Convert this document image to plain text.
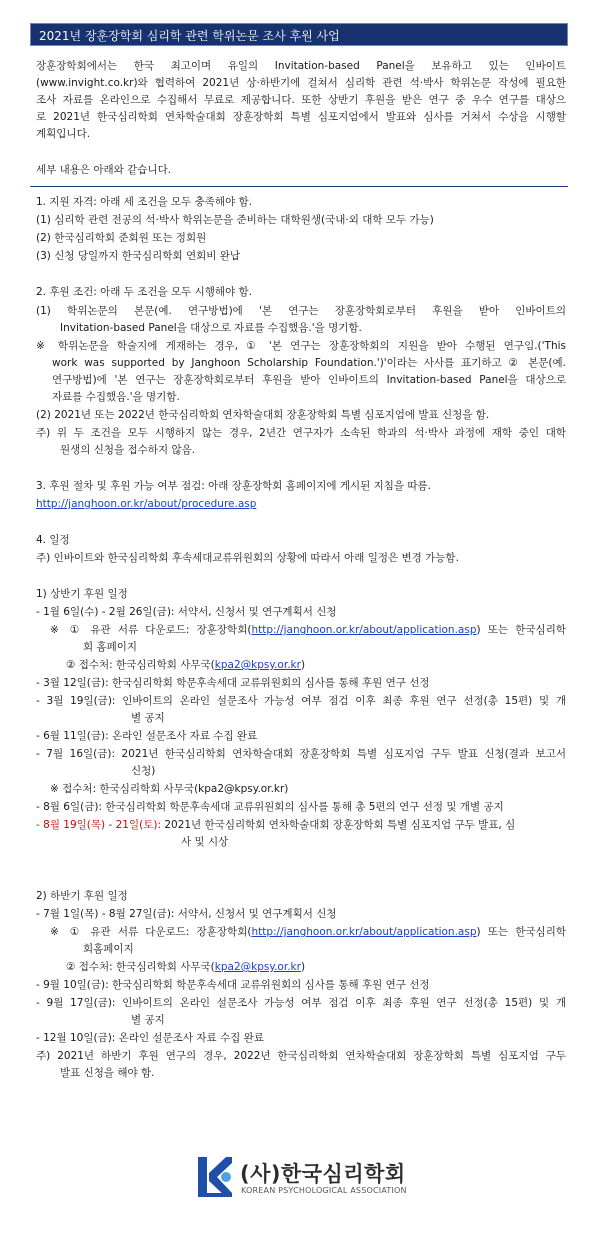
2021년 장훈장학회 심리학 관련 학위논문 조사 후원 사업
장훈장학회에서는 한국 최고이며 유일의 Invitation-based Panel을 보유하고 있는 인바이트
(www.invight.co.kr)와 협력하여 2021년 상·하반기에 걸쳐서 심리학 관련 석·박사 학위논문 작성에 필요한
조사 자료를 온라인으로 수집해서 무료로 제공합니다. 또한 상반기 후원을 받은 연구 중 우수 연구를 대상으
로 2021년 한국심리학회 연차학술대회 장훈장학회 특별 심포지엄에서 발표와 심사를 거쳐서 수상을 시행할
계획입니다.
세부 내용은 아래와 같습니다.
1. 지원 자격: 아래 세 조건을 모두 충족해야 함.
(1) 심리학 관련 전공의 석·박사 학위논문을 준비하는 대학원생(국내·외 대학 모두 가능)
(2) 한국심리학회 준회원 또는 정회원
(3) 신청 당일까지 한국심리학회 연회비 완납
2. 후원 조건: 아래 두 조건을 모두 시행해야 함.
(1) 학위논문의 본문(예. 연구방법)에 '본 연구는 장훈장학회로부터 후원을 받아 인바이트의
Invitation-based Panel을 대상으로 자료를 수집했음.'을 명기함.
※ 학위논문을 학술지에 게재하는 경우, ① '본 연구는 장훈장학회의 지원을 받아 수행된 연구임.('This
work was supported by Janghoon Scholarship Foundation.')'이라는 사사를 표기하고 ② 본문(예.
연구방법)에 '본 연구는 장훈장학회로부터 후원을 받아 인바이트의 Invitation-based Panel을 대상으로
자료를 수집했음.'을 명기함.
(2) 2021년 또는 2022년 한국심리학회 연차학술대회 장훈장학회 특별 심포지엄에 발표 신청을 함.
주) 위 두 조건을 모두 시행하지 않는 경우, 2년간 연구자가 소속된 학과의 석·박사 과정에 재학 중인 대학
원생의 신청을 접수하지 않음.
3. 후원 절차 및 후원 가능 여부 점검: 아래 장훈장학회 홈페이지에 게시된 지침을 따름.
http://janghoon.or.kr/about/procedure.asp
4. 일정
주) 인바이트와 한국심리학회 후속세대교류위원회의 상황에 따라서 아래 일정은 변경 가능함.
1) 상반기 후원 일정
- 1월 6일(수) - 2월 26일(금): 서약서, 신청서 및 연구계획서 신청
※ ① 유관 서류 다운로드: 장훈장학회(http://janghoon.or.kr/about/application.asp) 또는 한국심리학
회 홈페이지
② 접수처: 한국심리학회 사무국(kpa2@kpsy.or.kr)
- 3월 12일(금): 한국심리학회 학문후속세대 교류위원회의 심사를 통해 후원 연구 선정
- 3월 19일(금): 인바이트의 온라인 설문조사 가능성 여부 점검 이후 최종 후원 연구 선정(총 15편) 및 개
별 공지
- 6월 11일(금): 온라인 설문조사 자료 수집 완료
- 7월 16일(금): 2021년 한국심리학회 연차학술대회 장훈장학회 특별 심포지엄 구두 발표 신청(결과 보고서
신청)
※ 접수처: 한국심리학회 사무국(kpa2@kpsy.or.kr)
- 8월 6일(금): 한국심리학회 학문후속세대 교류위원회의 심사를 통해 총 5편의 연구 선정 및 개별 공지
- 8월 19일(목) - 21일(토): 2021년 한국심리학회 연차학술대회 장훈장학회 특별 심포지엄 구두 발표, 심
사 및 시상
2) 하반기 후원 일정
- 7월 1일(목) - 8월 27일(금): 서약서, 신청서 및 연구계획서 신청
※ ① 유관 서류 다운로드: 장훈장학회(http://janghoon.or.kr/about/application.asp) 또는 한국심리학
회홈페이지
② 접수처: 한국심리학회 사무국(kpa2@kpsy.or.kr)
- 9월 10일(금): 한국심리학회 학문후속세대 교류위원회의 심사를 통해 후원 연구 선정
- 9월 17일(금): 인바이트의 온라인 설문조사 가능성 여부 점검 이후 최종 후원 연구 선정(총 15편) 및 개
별 공지
- 12월 10일(금): 온라인 설문조사 자료 수집 완료
주) 2021년 하반기 후원 연구의 경우, 2022년 한국심리학회 연차학술대회 장훈장학회 특별 심포지엄 구두
발표 신청을 해야 함.
(사)한국심리학회
KOREAN PSYCHOLOGICAL ASSOCIATION
